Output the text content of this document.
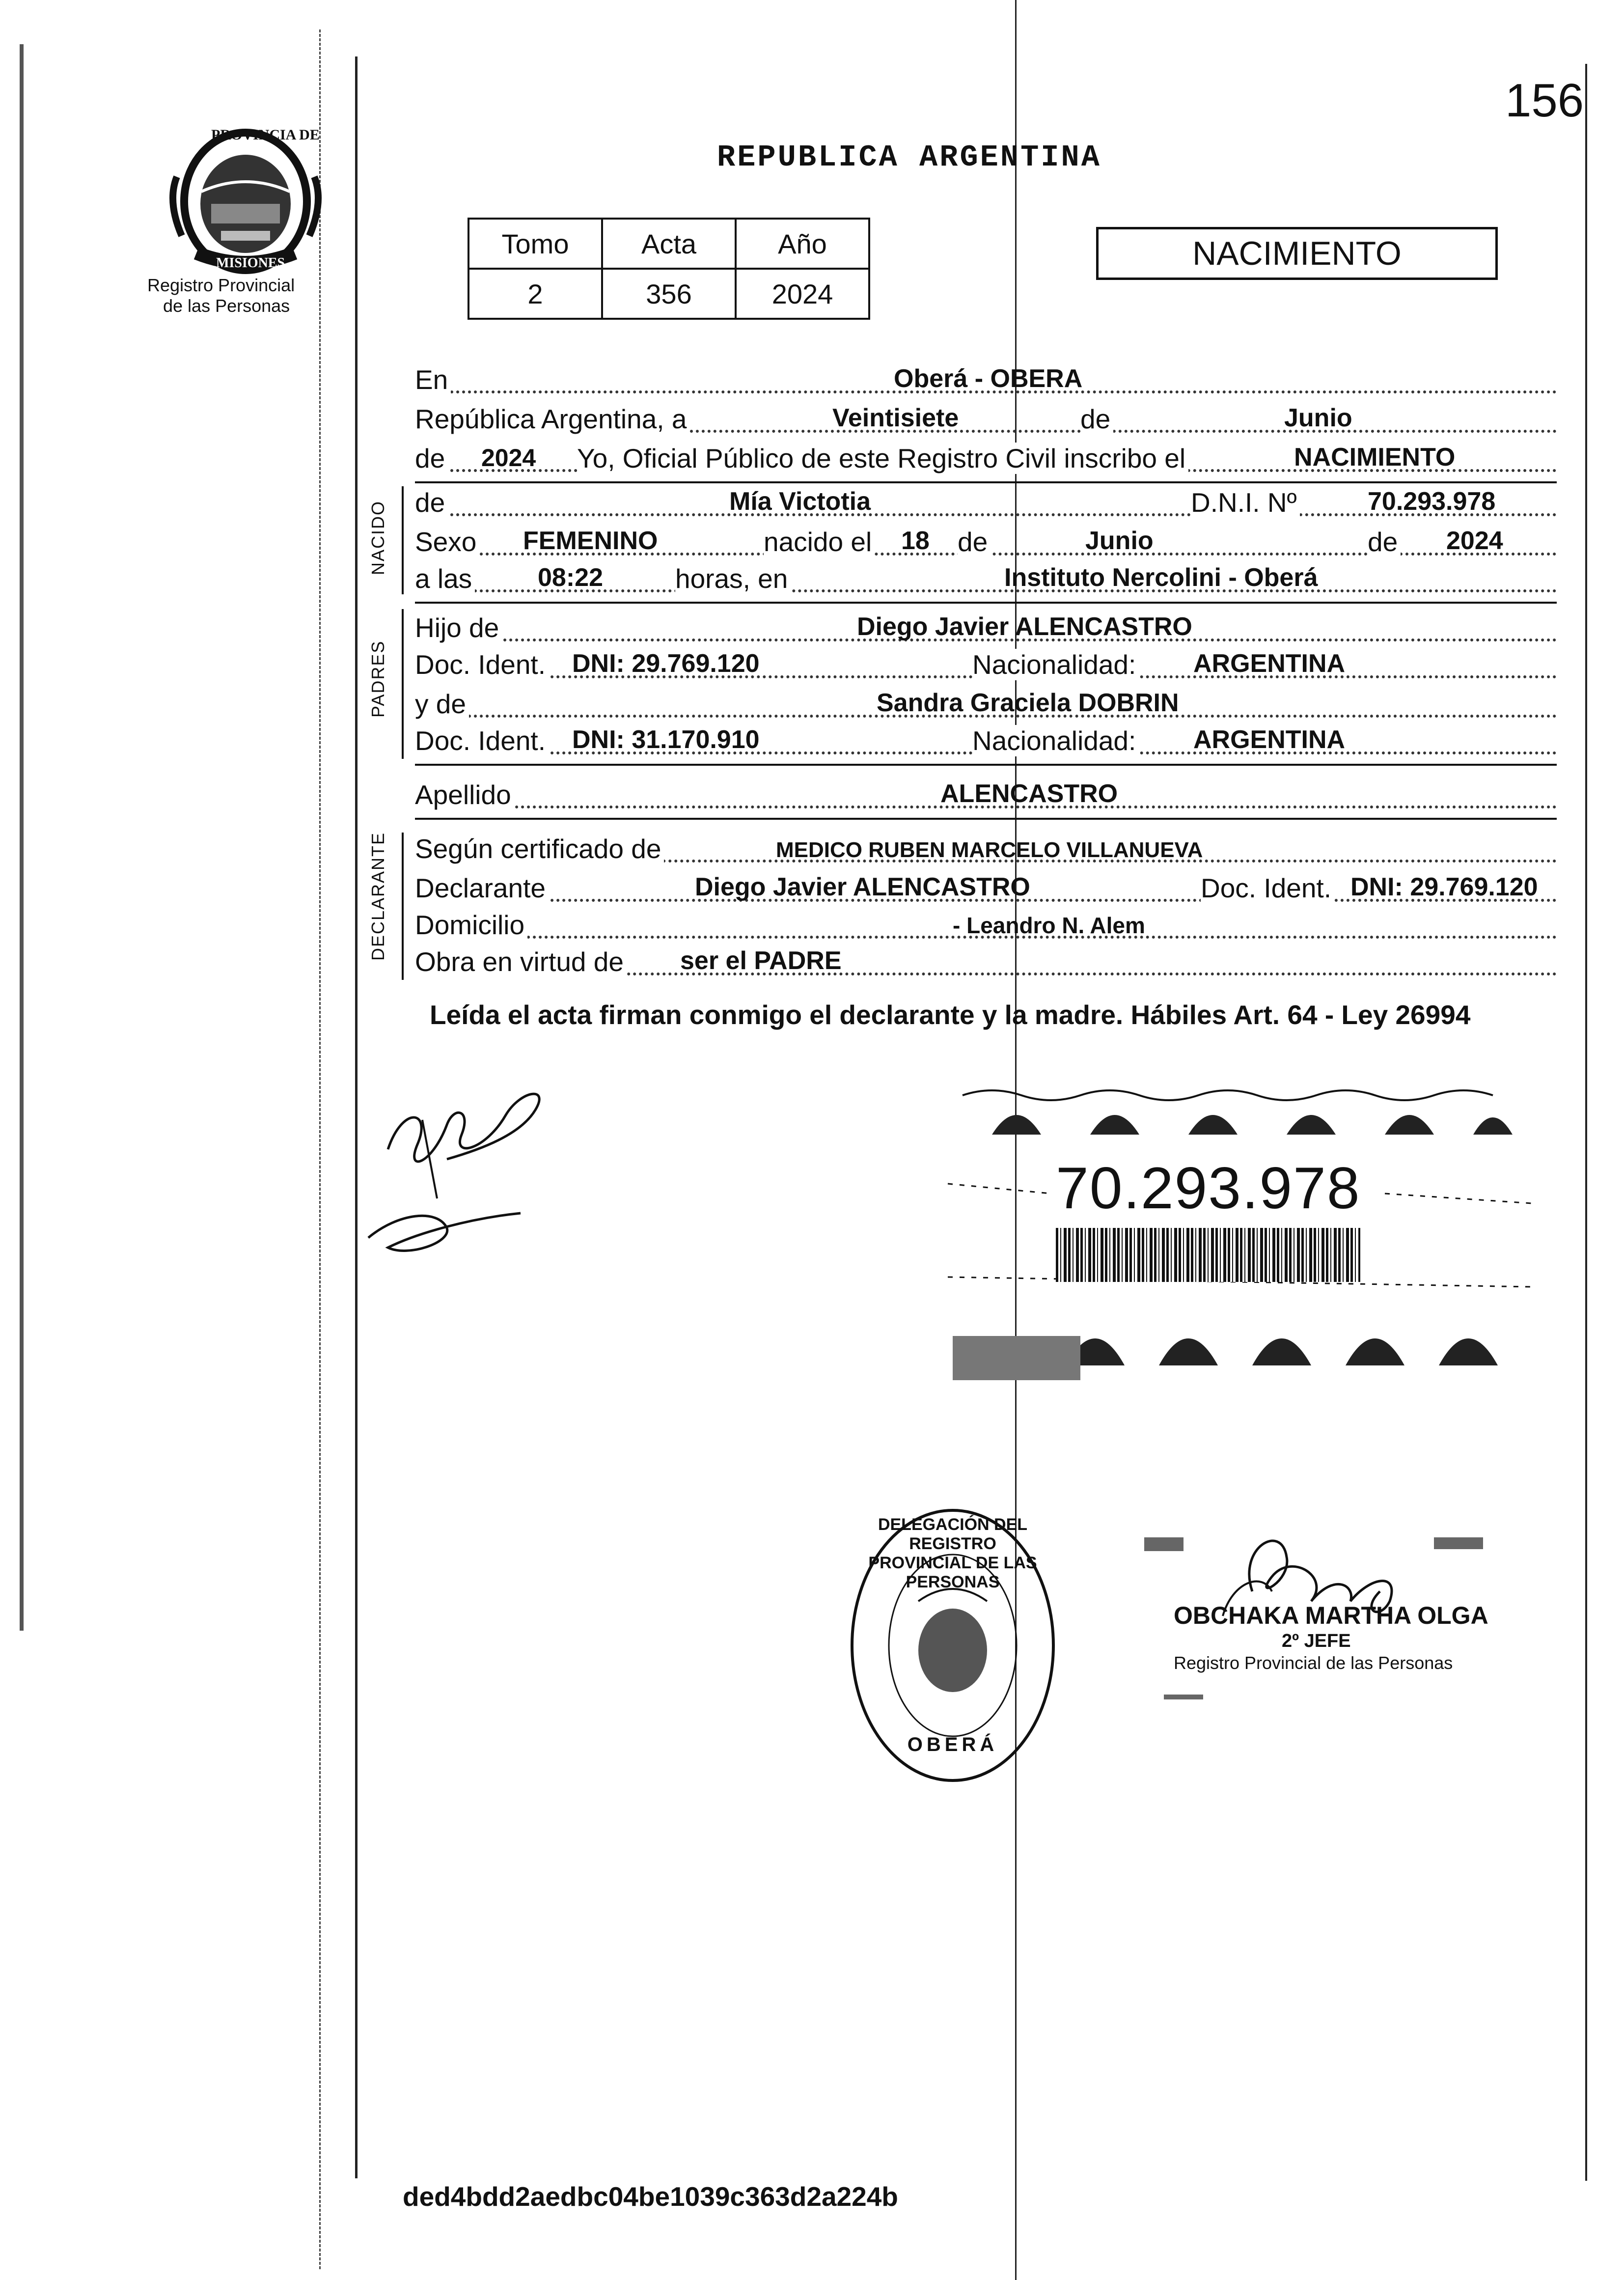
156
PROVINCIA DE
MISIONES
Registro Provincial
de las Personas
REPUBLICA ARGENTINA
Tomo	Acta	Año
2	356	2024
NACIMIENTO
En	Oberá - OBERA
República Argentina, a	Veintisiete	de	Junio
de 2024 Yo, Oficial Público de este Registro Civil inscribo el	NACIMIENTO
NACIDO de	Mía Victotia	D.N.I. Nº	70.293.978
Sexo FEMENINO	nacido el 18 de	Junio	de 2024
a las	08:22	horas, en	Instituto Nercolini - Oberá
PADRES
Hijo de	Diego Javier ALENCASTRO
Doc. Ident. DNI: 29.769.120	Nacionalidad: ARGENTINA
y de	Sandra Graciela DOBRIN
Doc. Ident. DNI: 31.170.910	Nacionalidad: ARGENTINA
Apellido	ALENCASTRO
DECLARANTE Según certificado de	MEDICO RUBEN MARCELO VILLANUEVA
Declarante	Diego Javier ALENCASTRO	Doc. Ident. DNI: 29.769.120
Domicilio	- Leandro N. Alem
Obra en virtud de ser el PADRE
Leída el acta firman conmigo el declarante y la madre. Hábiles Art. 64 - Ley 26994
70.293.978
DELEGACIÓN DEL REGISTRO PROVINCIAL DE LAS PERSONAS
OBERÁ
OBCHAKA MARTHA OLGA
2º JEFE
Registro Provincial de las Personas
ded4bdd2aedbc04be1039c363d2a224b
